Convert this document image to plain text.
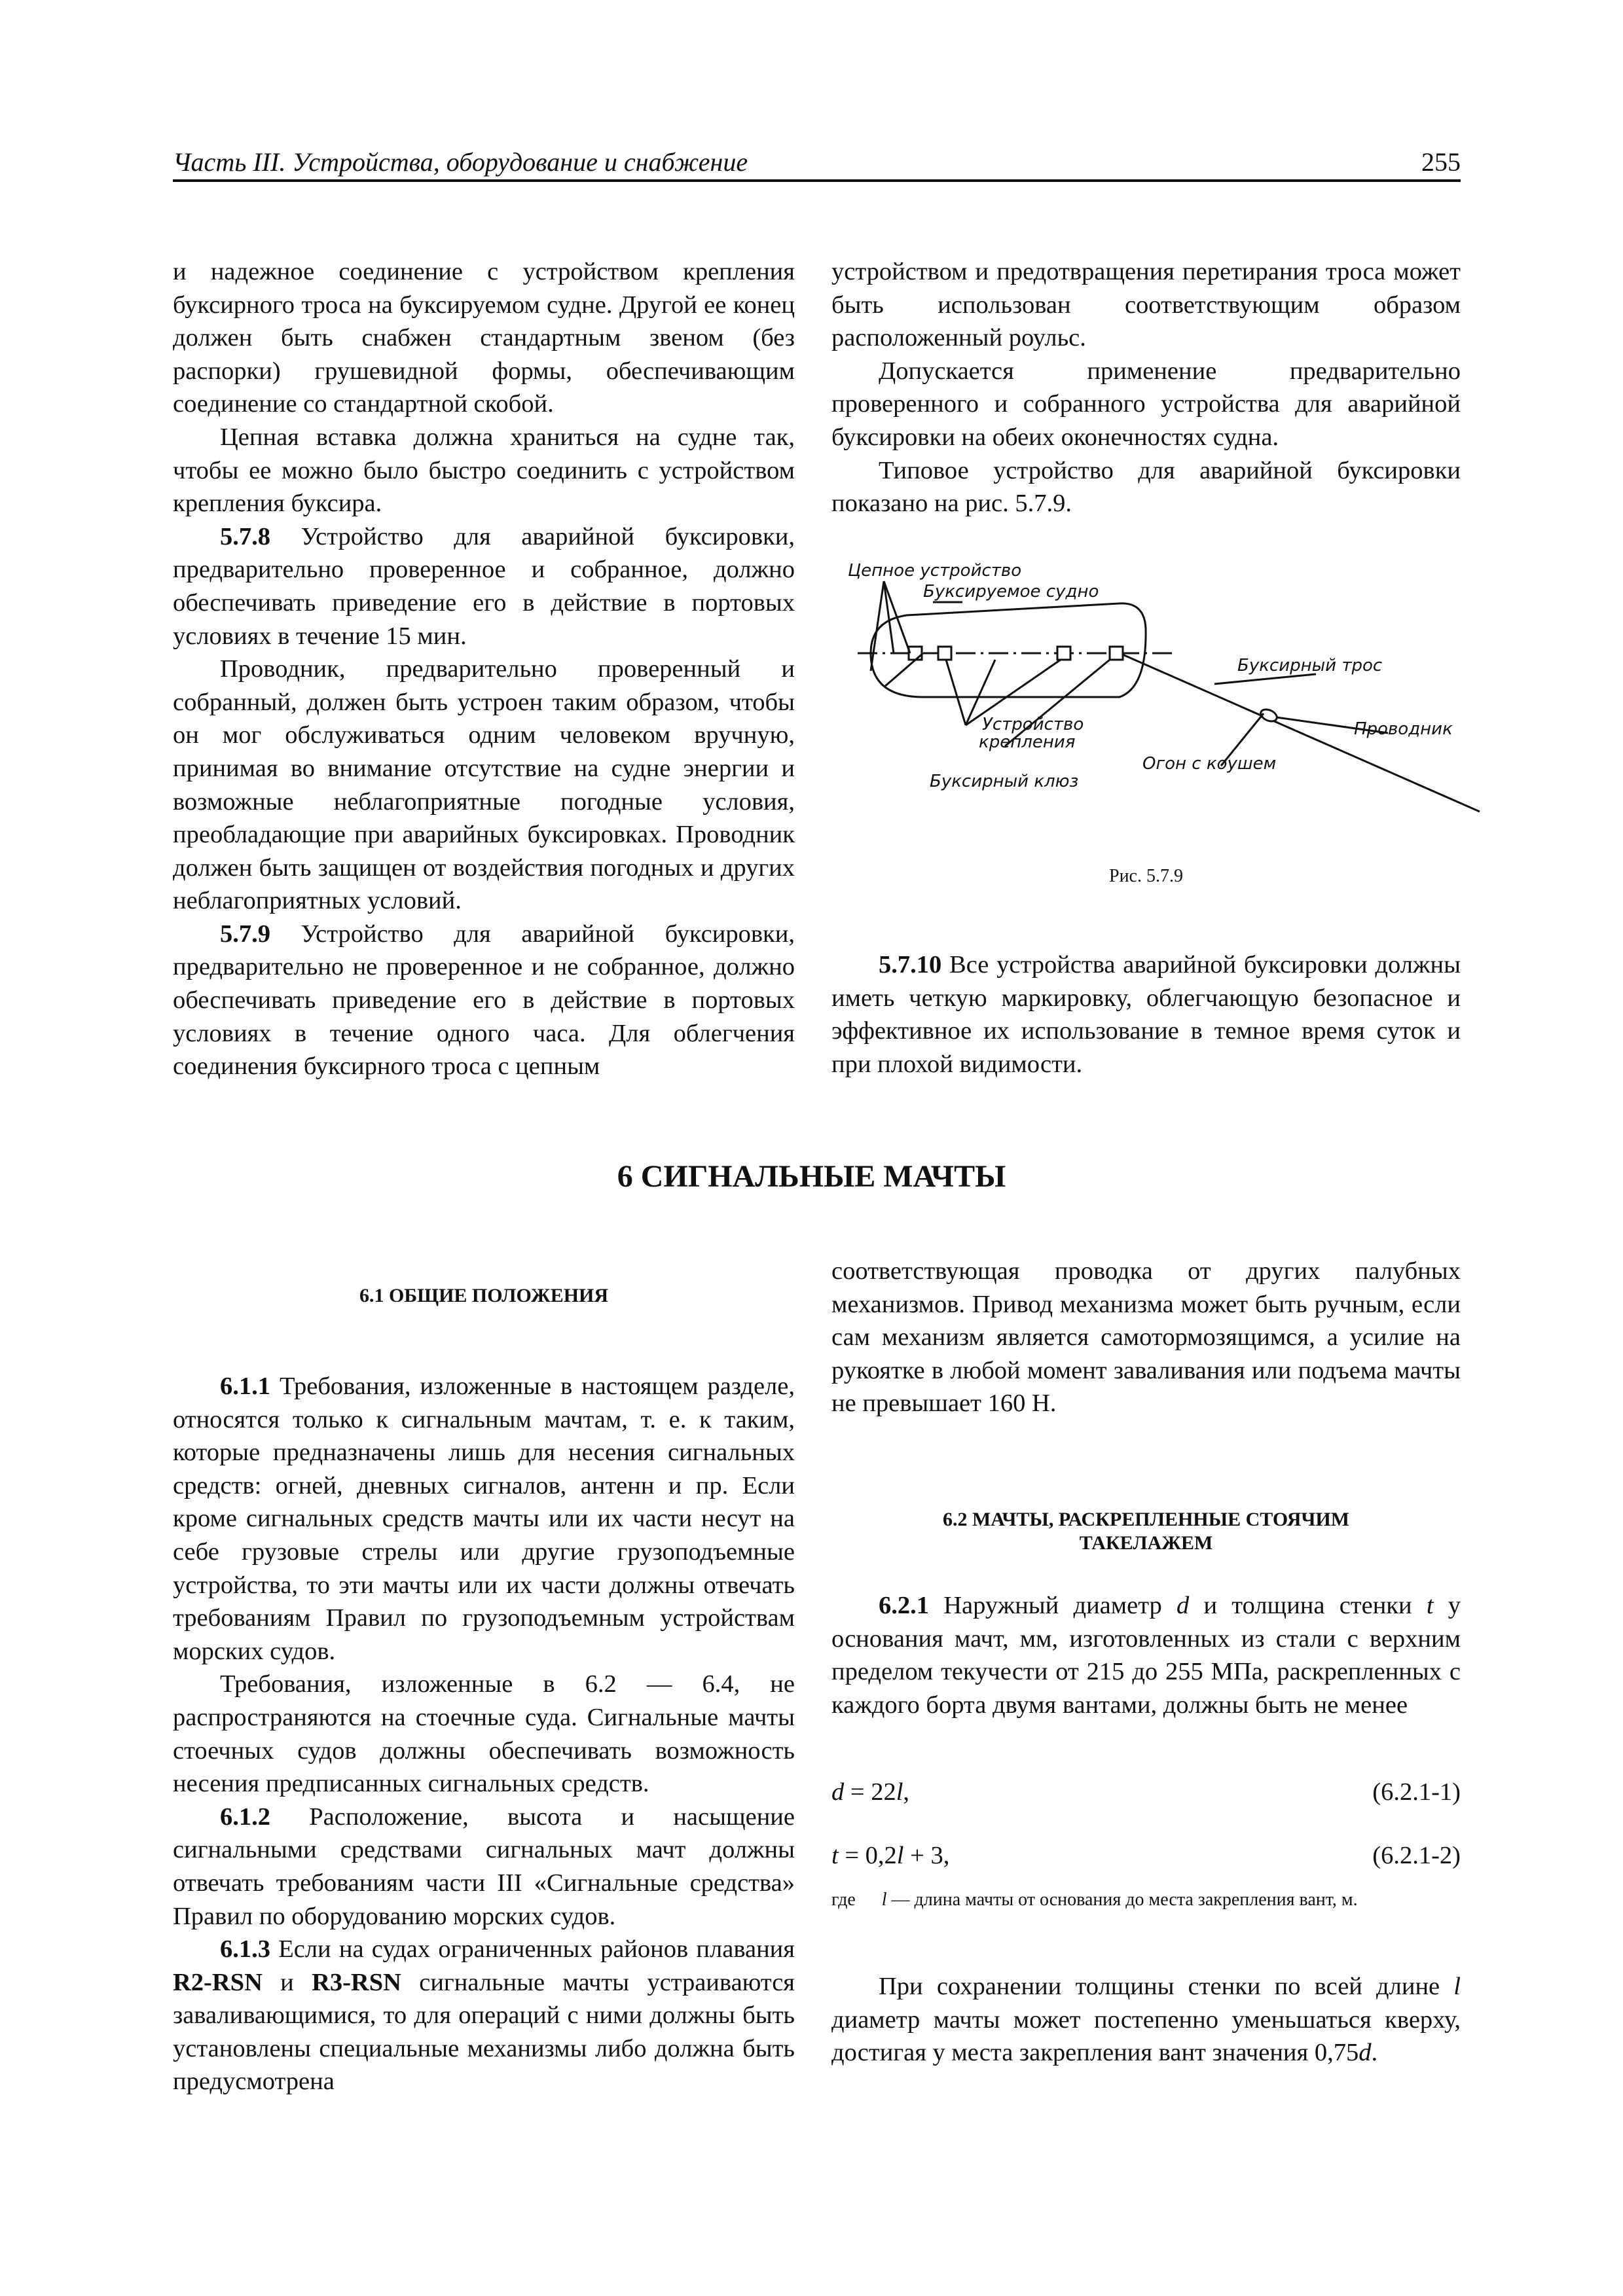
Часть III. Устройства, оборудование и снабжение	255

и надежное соединение с устройством крепления буксирного троса на буксируемом судне. Другой ее конец должен быть снабжен стандартным звеном (без распорки) грушевидной формы, обеспечивающим соединение со стандартной скобой.

Цепная вставка должна храниться на судне так, чтобы ее можно было быстро соединить с устройством крепления буксира.

5.7.8 Устройство для аварийной буксировки, предварительно проверенное и собранное, должно обеспечивать приведение его в действие в портовых условиях в течение 15 мин.

Проводник, предварительно проверенный и собранный, должен быть устроен таким образом, чтобы он мог обслуживаться одним человеком вручную, принимая во внимание отсутствие на судне энергии и возможные неблагоприятные погодные условия, преобладающие при аварийных буксировках. Проводник должен быть защищен от воздействия погодных и других неблагоприятных условий.

5.7.9 Устройство для аварийной буксировки, предварительно не проверенное и не собранное, должно обеспечивать приведение его в действие в портовых условиях в течение одного часа. Для облегчения соединения буксирного троса с цепным

устройством и предотвращения перетирания троса может быть использован соответствующим образом расположенный роульс.

Допускается применение предварительно проверенного и собранного устройства для аварийной буксировки на обеих оконечностях судна.

Типовое устройство для аварийной буксировки показано на рис. 5.7.9.

Цепное устройство
Буксируемое судно
Буксирный трос
Устройство
крепления
Буксирный клюз
Огон с коушем
Проводник
Рис. 5.7.9

5.7.10 Все устройства аварийной буксировки должны иметь четкую маркировку, облегчающую безопасное и эффективное их использование в темное время суток и при плохой видимости.

6 СИГНАЛЬНЫЕ МАЧТЫ
6.1 ОБЩИЕ ПОЛОЖЕНИЯ

6.1.1 Требования, изложенные в настоящем разделе, относятся только к сигнальным мачтам, т. е. к таким, которые предназначены лишь для несения сигнальных средств: огней, дневных сигналов, антенн и пр. Если кроме сигнальных средств мачты или их части несут на себе грузовые стрелы или другие грузоподъемные устройства, то эти мачты или их части должны отвечать требованиям Правил по грузоподъемным устройствам морских судов.

Требования, изложенные в 6.2 — 6.4, не распространяются на стоечные суда. Сигнальные мачты стоечных судов должны обеспечивать возможность несения предписанных сигнальных средств.

6.1.2 Расположение, высота и насыщение сигнальными средствами сигнальных мачт должны отвечать требованиям части III «Сигнальные средства» Правил по оборудованию морских судов.

6.1.3 Если на судах ограниченных районов плавания R2-RSN и R3-RSN сигнальные мачты устраиваются заваливающимися, то для операций с ними должны быть установлены специальные механизмы либо должна быть предусмотрена

соответствующая проводка от других палубных механизмов. Привод механизма может быть ручным, если сам механизм является самотормозящимся, а усилие на рукоятке в любой момент заваливания или подъема мачты не превышает 160 Н.

6.2 МАЧТЫ, РАСКРЕПЛЕННЫЕ СТОЯЧИМ
ТАКЕЛАЖЕМ

6.2.1 Наружный диаметр d и толщина стенки t у основания мачт, мм, изготовленных из стали с верхним пределом текучести от 215 до 255 МПа, раскрепленных с каждого борта двумя вантами, должны быть не менее

d = 22l,	(6.2.1-1)
t = 0,2l + 3,	(6.2.1-2)
где l — длина мачты от основания до места закрепления вант, м.

При сохранении толщины стенки по всей длине l диаметр мачты может постепенно уменьшаться кверху, достигая у места закрепления вант значения 0,75d.
